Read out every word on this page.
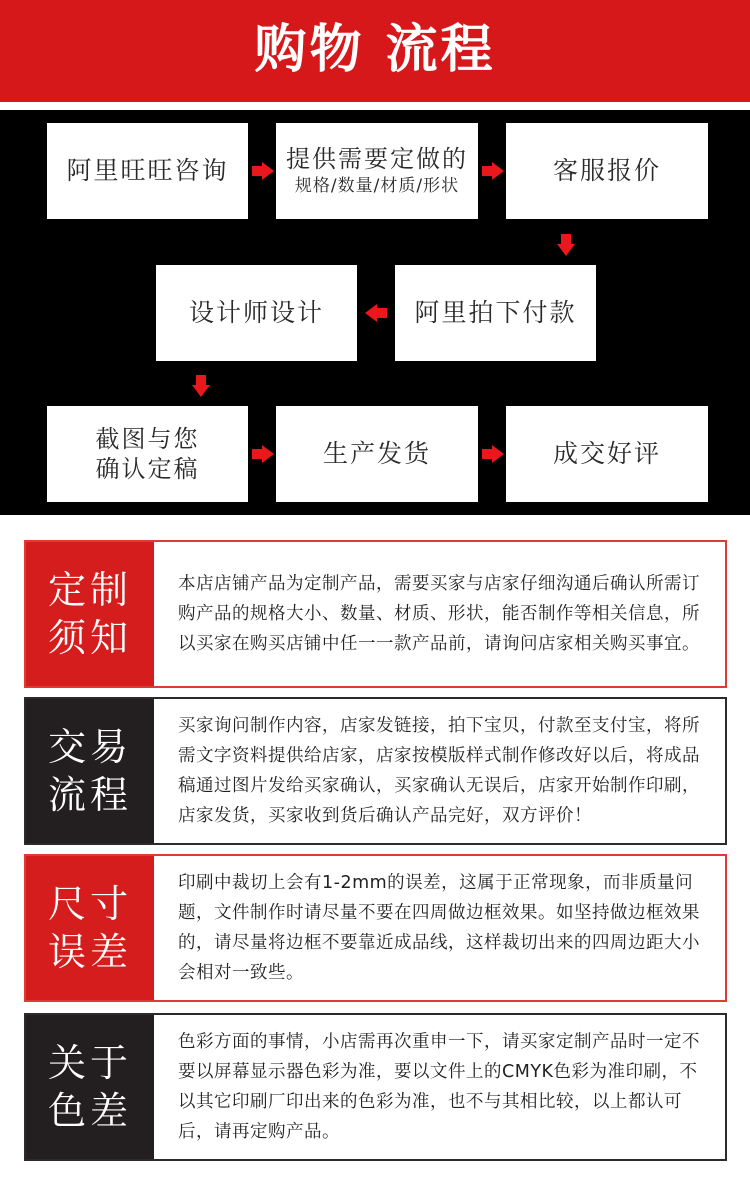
购物 流程
阿里旺旺咨询 提供需要定做的
规格/数量/材质/形状
客服报价
阿里拍下付款
设计师设计
截图与您
确认定稿
生产发货	成交好评
定制
须知
本店店铺产品为定制产品，需要买家与店家仔细沟通后确认所需订购产品的规格大小、数量、材质、形状，能否制作等相关信息，所以买家在购买店铺中任一一款产品前，请询问店家相关购买事宜。
交易
流程
买家询问制作内容，店家发链接，拍下宝贝，付款至支付宝，将所需文字资料提供给店家，店家按模版样式制作修改好以后，将成品稿通过图片发给买家确认，买家确认无误后，店家开始制作印刷，店家发货，买家收到货后确认产品完好，双方评价！
尺寸
误差
印刷中裁切上会有1-2mm的误差，这属于正常现象，而非质量问题，文件制作时请尽量不要在四周做边框效果。如坚持做边框效果的，请尽量将边框不要靠近成品线，这样裁切出来的四周边距大小会相对一致些。
关于
色差
色彩方面的事情，小店需再次重申一下，请买家定制产品时一定不要以屏幕显示器色彩为准，要以文件上的CMYK色彩为准印刷，不以其它印刷厂印出来的色彩为准，也不与其相比较，以上都认可后，请再定购产品。
